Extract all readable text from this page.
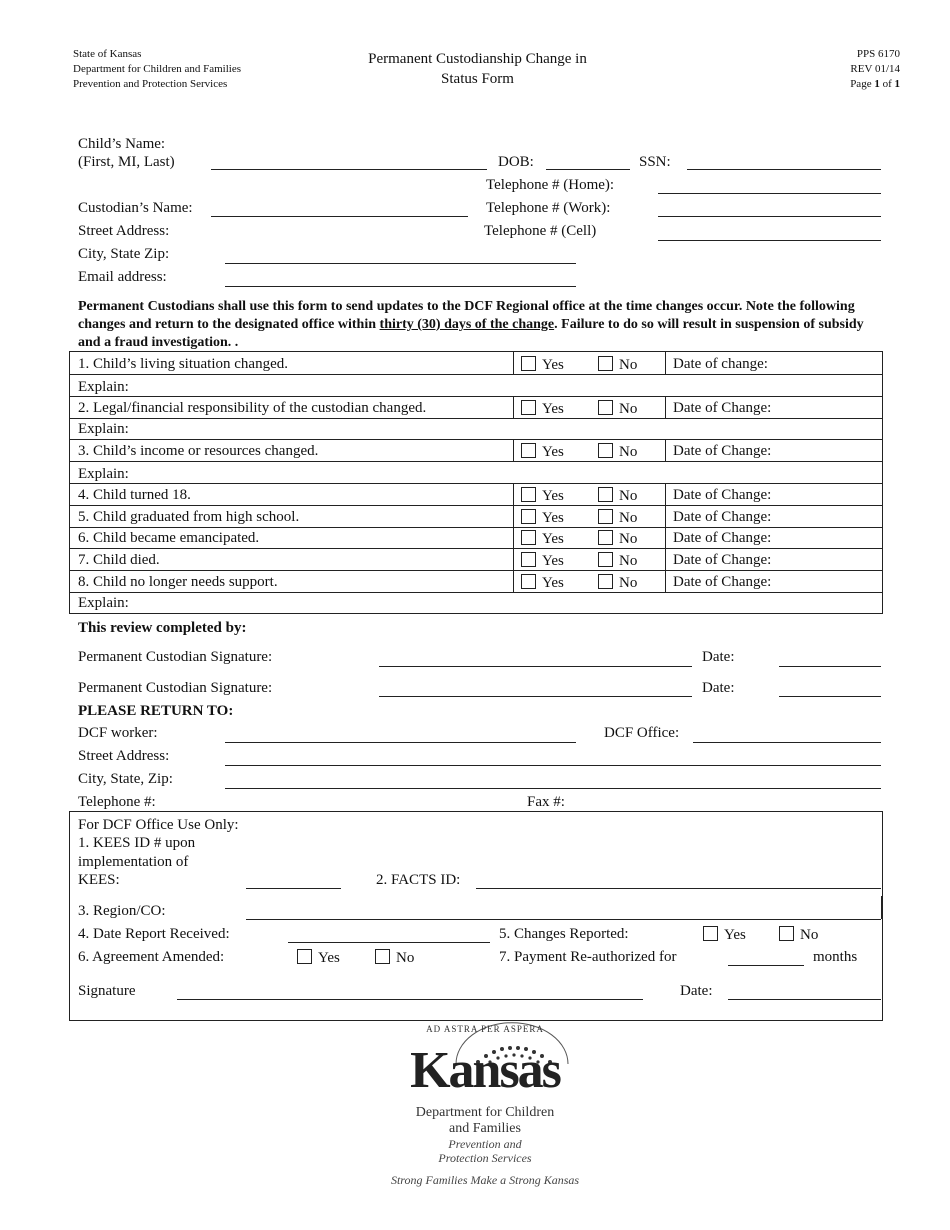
State of Kansas
Department for Children and Families
Prevention and Protection Services
Permanent Custodianship Change in
Status Form
PPS 6170
REV 01/14
Page 1 of 1
Child’s Name:
(First, MI, Last)	DOB:	SSN:
Telephone # (Home):
Custodian’s Name:	Telephone # (Work):
Street Address:	Telephone # (Cell)
City, State Zip:
Email address:
Permanent Custodians shall use this form to send updates to the DCF Regional office at the time changes occur. Note the following changes and return to the designated office within thirty (30) days of the change. Failure to do so will result in suspension of subsidy and a fraud investigation. .
1. Child’s living situation changed.	Yes	No Date of change:
Explain:
2. Legal/financial responsibility of the custodian changed.	Yes	No Date of Change:
Explain:
3. Child’s income or resources changed.	Yes	No Date of Change:
Explain:
4. Child turned 18.	Yes	No Date of Change:
5. Child graduated from high school.	Yes	No Date of Change:
6. Child became emancipated.	Yes	No Date of Change:
7. Child died.	Yes	No Date of Change:
8. Child no longer needs support.	Yes	No Date of Change:
Explain:
This review completed by:
Permanent Custodian Signature:	Date:
Permanent Custodian Signature:	Date:
PLEASE RETURN TO:
DCF worker:	DCF Office:
Street Address:
City, State, Zip:
Telephone #:	Fax #:
For DCF Office Use Only:
1. KEES ID # upon
implementation of
KEES:	2. FACTS ID:
3. Region/CO:
4. Date Report Received:	5. Changes Reported:	Yes	No
6. Agreement Amended:	Yes	No	7. Payment Re-authorized for	months
Signature	Date:
AD ASTRA PER ASPERA
Kansas
Department for Children
and Families
Prevention and
Protection Services
Strong Families Make a Strong Kansas
